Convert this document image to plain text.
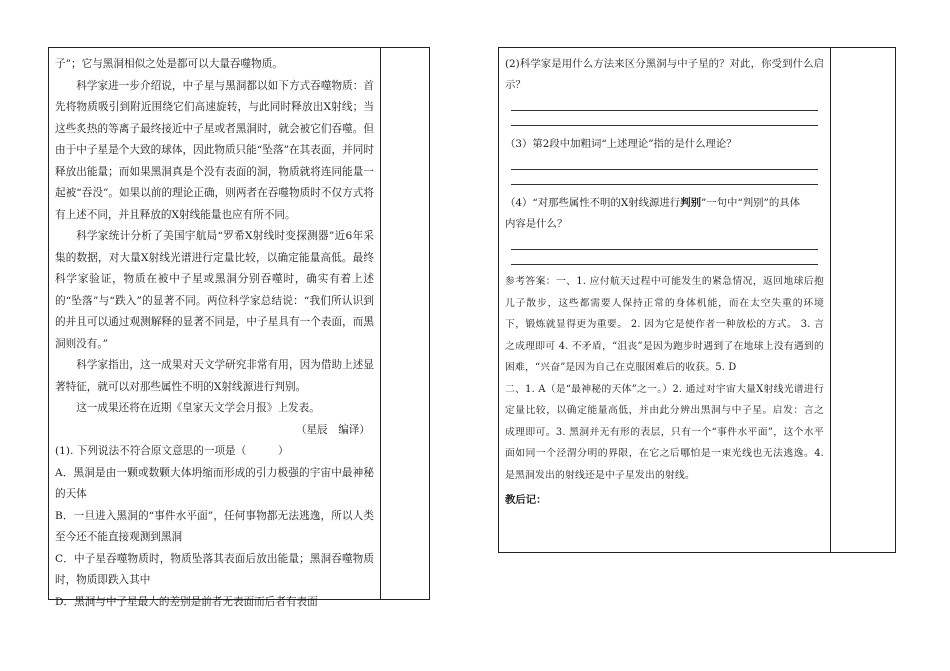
子”；它与黑洞相似之处是都可以大量吞噬物质。

科学家进一步介绍说，中子星与黑洞都以如下方式吞噬物质：首先将物质吸引到附近围绕它们高速旋转，与此同时释放出X射线；当这些炙热的等离子最终接近中子星或者黑洞时，就会被它们吞噬。但由于中子星是个大致的球体，因此物质只能“坠落”在其表面，并同时释放出能量；而如果黑洞真是个没有表面的洞，物质就将连同能量一起被“吞没”。如果以前的理论正确，则两者在吞噬物质时不仅方式将有上述不同，并且释放的X射线能量也应有所不同。

科学家统计分析了美国宇航局“罗希X射线时变探测器”近6年采集的数据，对大量X射线光谱进行定量比较，以确定能量高低。最终科学家验证，物质在被中子星或黑洞分别吞噬时，确实有着上述的“坠落”与“跌入”的显著不同。两位科学家总结说：“我们所认识到的并且可以通过观测解释的显著不同是，中子星具有一个表面，而黑洞则没有。”

科学家指出，这一成果对天文学研究非常有用，因为借助上述显著特征，就可以对那些属性不明的X射线源进行判别。

这一成果还将在近期《皇家天文学会月报》上发表。

（星辰　编译）

(1). 下列说法不符合原文意思的一项是（　　　）

A．黑洞是由一颗或数颗大体坍缩而形成的引力极强的宇宙中最神秘的天体

B．一旦进入黑洞的“事件水平面”，任何事物都无法逃逸，所以人类至今还不能直接观测到黑洞

C．中子星吞噬物质时，物质坠落其表面后放出能量；黑洞吞噬物质时，物质即跌入其中

D．黑洞与中子星最大的差别是前者无表面而后者有表面

(2)科学家是用什么方法来区分黑洞与中子星的？对此，你受到什么启示？

（3）第2段中加粗词“上述理论”指的是什么理论？

（4）“对那些属性不明的X射线源进行判别”一句中“判别”的具体

内容是什么？

参考答案：一、1. 应付航天过程中可能发生的紧急情况，返回地球后抱儿子散步，这些都需要人保持正常的身体机能，而在太空失重的环境下，锻炼就显得更为重要。 2. 因为它是使作者一种放松的方式。 3. 言之成理即可 4. 不矛盾，“沮丧”是因为跑步时遇到了在地球上没有遇到的困难，“兴奋”是因为自己在克服困难后的收获。5. D

二、1. A（是“最神秘的天体”之一。）2. 通过对宇宙大量X射线光谱进行定量比较，以确定能量高低，并由此分辨出黑洞与中子星。启发：言之成理即可。3. 黑洞并无有形的表层，只有一个“事件水平面”，这个水平面如同一个泾渭分明的界限，在它之后哪怕是一束光线也无法逃逸。4. 是黑洞发出的射线还是中子星发出的射线。

教后记：
